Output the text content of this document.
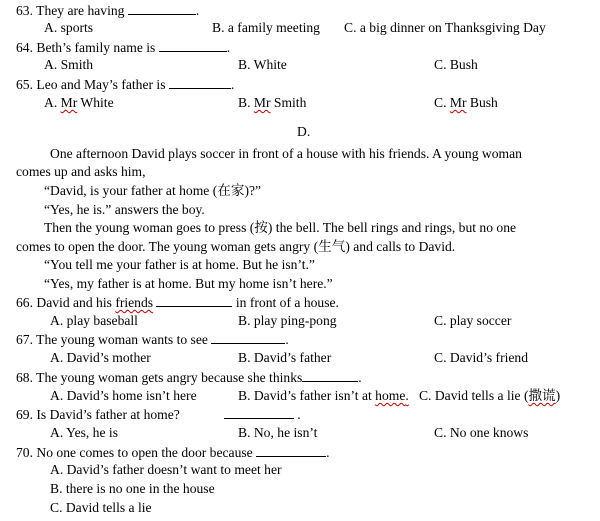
63. They are having	.
A. sports	B. a family meeting C. a big dinner on Thanksgiving Day
64. Beth’s family name is	.
A. Smith	B. White	C. Bush
65. Leo and May’s father is	.
A. Mr White	B. Mr Smith	C. Mr Bush
D.
One afternoon David plays soccer in front of a house with his friends. A young woman
comes up and asks him,
“David, is your father at home (在家)?”
“Yes, he is.” answers the boy.
Then the young woman goes to press (按) the bell. The bell rings and rings, but no one
comes to open the door. The young woman gets angry (生气) and calls to David.
“You tell me your father is at home. But he isn’t.”
“Yes, my father is at home. But my home isn’t here.”
66. David and his friends	in front of a house.
A. play baseball	B. play ping-pong	C. play soccer
67. The young woman wants to see	.
A. David’s mother	B. David’s father	C. David’s friend
68. The young woman gets angry because she thinks	.
A. David’s home isn’t here	B. David’s father isn’t at home. C. David tells a lie (撒谎)
69. Is David’s father at home?	.
A. Yes, he is	B. No, he isn’t	C. No one knows
70. No one comes to open the door because	.
A. David’s father doesn’t want to meet her
B. there is no one in the house
C. David tells a lie
